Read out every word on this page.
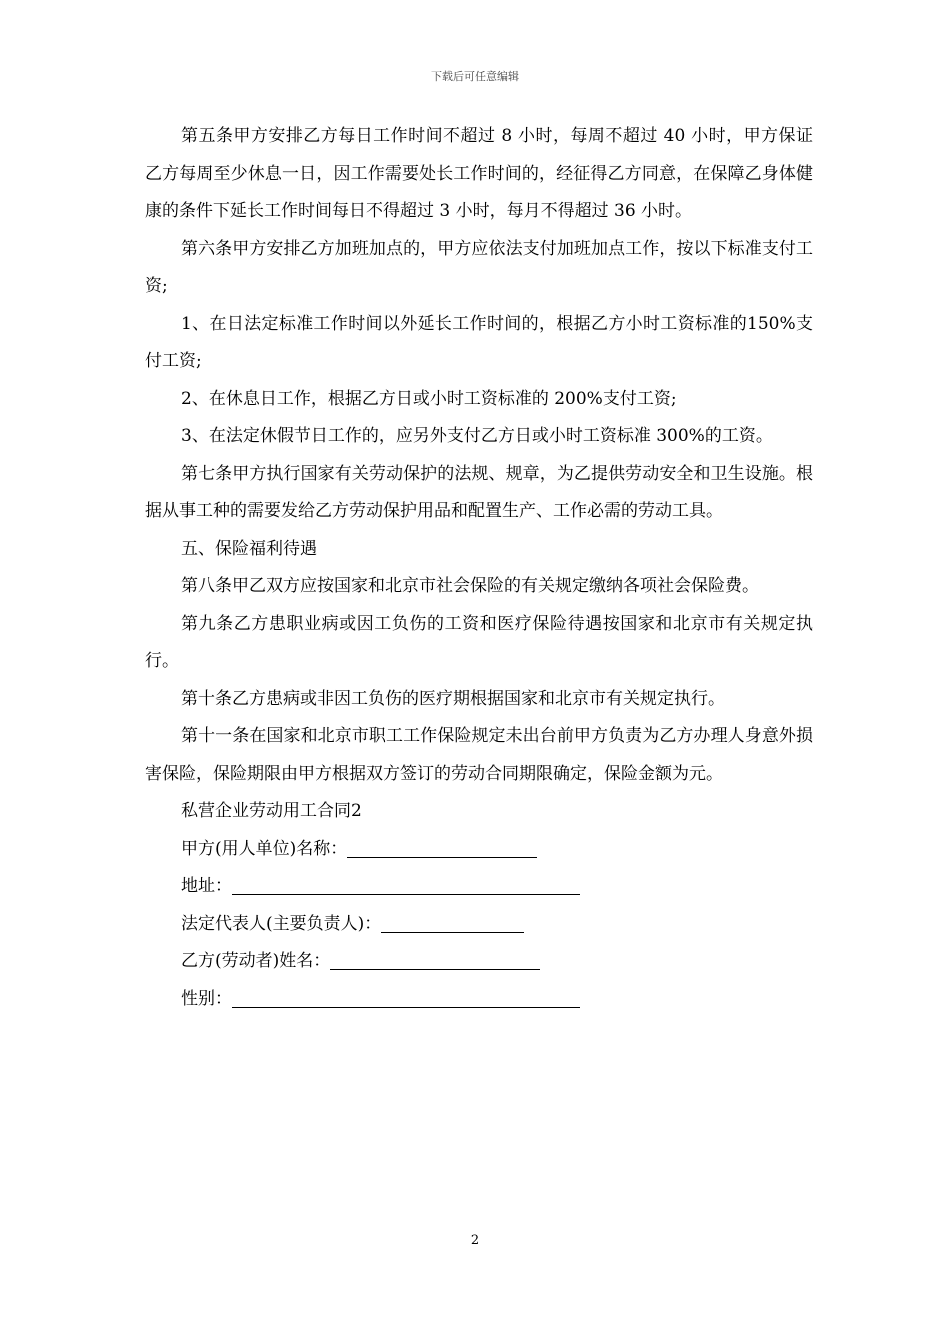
下载后可任意编辑

第五条甲方安排乙方每日工作时间不超过 8 小时，每周不超过 40 小时，甲方保证乙方每周至少休息一日，因工作需要处长工作时间的，经征得乙方同意，在保障乙身体健康的条件下延长工作时间每日不得超过 3 小时，每月不得超过 36 小时。

第六条甲方安排乙方加班加点的，甲方应依法支付加班加点工作，按以下标准支付工资;

1、在日法定标准工作时间以外延长工作时间的，根据乙方小时工资标准的150%支付工资;

2、在休息日工作，根据乙方日或小时工资标准的 200%支付工资;

3、在法定休假节日工作的，应另外支付乙方日或小时工资标准 300%的工资。

第七条甲方执行国家有关劳动保护的法规、规章，为乙提供劳动安全和卫生设施。根据从事工种的需要发给乙方劳动保护用品和配置生产、工作必需的劳动工具。

五、保险福利待遇

第八条甲乙双方应按国家和北京市社会保险的有关规定缴纳各项社会保险费。

第九条乙方患职业病或因工负伤的工资和医疗保险待遇按国家和北京市有关规定执行。

第十条乙方患病或非因工负伤的医疗期根据国家和北京市有关规定执行。

第十一条在国家和北京市职工工作保险规定未出台前甲方负责为乙方办理人身意外损害保险，保险期限由甲方根据双方签订的劳动合同期限确定，保险金额为元。

私营企业劳动用工合同2

甲方(用人单位)名称：
地址：
法定代表人(主要负责人)：
乙方(劳动者)姓名：
性别：
2
